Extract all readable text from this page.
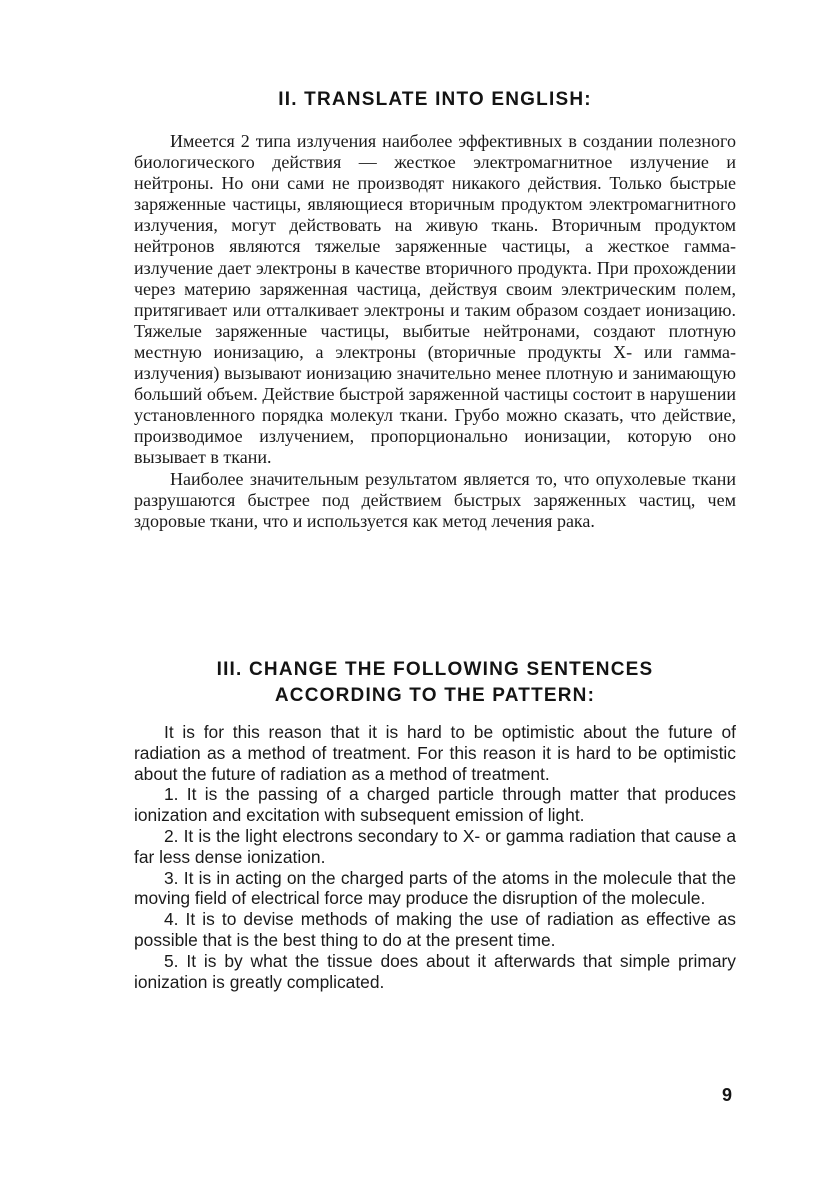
II. TRANSLATE INTO ENGLISH:

Имеется 2 типа излучения наиболее эффективных в создании полезного биологического действия — жесткое электромагнитное излучение и нейтроны. Но они сами не производят никакого действия. Только быстрые заряженные частицы, являющиеся вторичным продуктом электромагнитного излучения, могут действовать на живую ткань. Вторичным продуктом нейтронов являются тяжелые заряженные частицы, а жесткое гамма-излучение дает электроны в качестве вторичного продукта. При прохождении через материю заряженная частица, действуя своим электрическим полем, притягивает или отталкивает электроны и таким образом создает ионизацию. Тяжелые заряженные частицы, выбитые нейтронами, создают плотную местную ионизацию, а электроны (вторичные продукты X- или гамма-излучения) вызывают ионизацию значительно менее плотную и занимающую больший объем. Действие быстрой заряженной частицы состоит в нарушении установленного порядка молекул ткани. Грубо можно сказать, что действие, производимое излучением, пропорционально ионизации, которую оно вызывает в ткани.

Наиболее значительным результатом является то, что опухолевые ткани разрушаются быстрее под действием быстрых заряженных частиц, чем здоровые ткани, что и используется как метод лечения рака.

III. CHANGE THE FOLLOWING SENTENCES
ACCORDING TO THE PATTERN:

It is for this reason that it is hard to be optimistic about the future of radiation as a method of treatment. For this reason it is hard to be optimistic about the future of radiation as a method of treatment.

1. It is the passing of a charged particle through matter that produces ionization and excitation with subsequent emission of light.

2. It is the light electrons secondary to X- or gamma radiation that cause a far less dense ionization.

3. It is in acting on the charged parts of the atoms in the molecule that the moving field of electrical force may produce the disruption of the molecule.

4. It is to devise methods of making the use of radiation as effective as possible that is the best thing to do at the present time.

5. It is by what the tissue does about it afterwards that simple primary ionization is greatly complicated.

9
